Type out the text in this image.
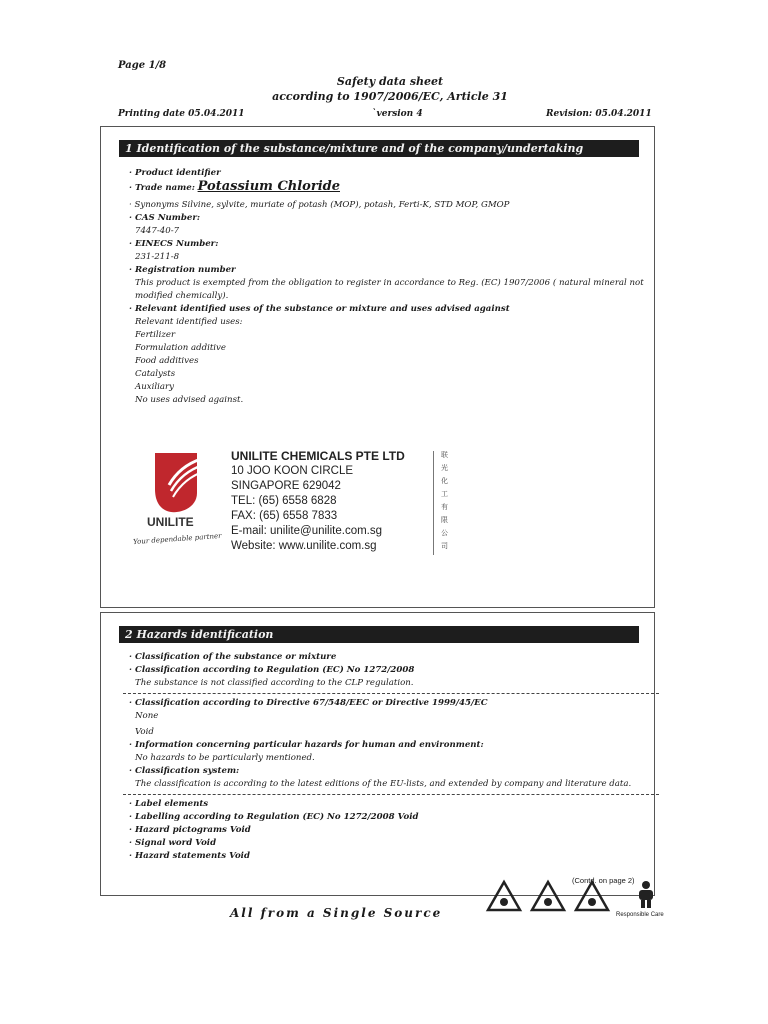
Page 1/8
Safety data sheet
according to 1907/2006/EC, Article 31
Printing date 05.04.2011	`version 4	Revision: 05.04.2011
1 Identification of the substance/mixture and of the company/undertaking
· Product identifier
· Trade name: Potassium Chloride
· Synonyms Silvine, sylvite, muriate of potash (MOP), potash, Ferti-K, STD MOP, GMOP
· CAS Number:
7447-40-7
· EINECS Number:
231-211-8
· Registration number
This product is exempted from the obligation to register in accordance to Reg. (EC) 1907/2006 ( natural mineral not modified chemically).
· Relevant identified uses of the substance or mixture and uses advised against
Relevant identified uses:
Fertilizer
Formulation additive
Food additives
Catalysts
Auxiliary
No uses advised against.
UNILITE
Your dependable partner
UNILITE CHEMICALS PTE LTD
10 JOO KOON CIRCLE
SINGAPORE 629042
TEL: (65) 6558 6828
FAX: (65) 6558 7833
E-mail: unilite@unilite.com.sg
Website: www.unilite.com.sg
联光化工有限公司
2 Hazards identification
· Classification of the substance or mixture
· Classification according to Regulation (EC) No 1272/2008
The substance is not classified according to the CLP regulation.
· Classification according to Directive 67/548/EEC or Directive 1999/45/EC
None
Void
· Information concerning particular hazards for human and environment:
No hazards to be particularly mentioned.
· Classification system:
The classification is according to the latest editions of the EU-lists, and extended by company and literature data.
· Label elements
· Labelling according to Regulation (EC) No 1272/2008 Void
· Hazard pictograms Void
· Signal word Void
· Hazard statements Void
(Contd. on page 2)
All from a Single Source	Responsible Care
